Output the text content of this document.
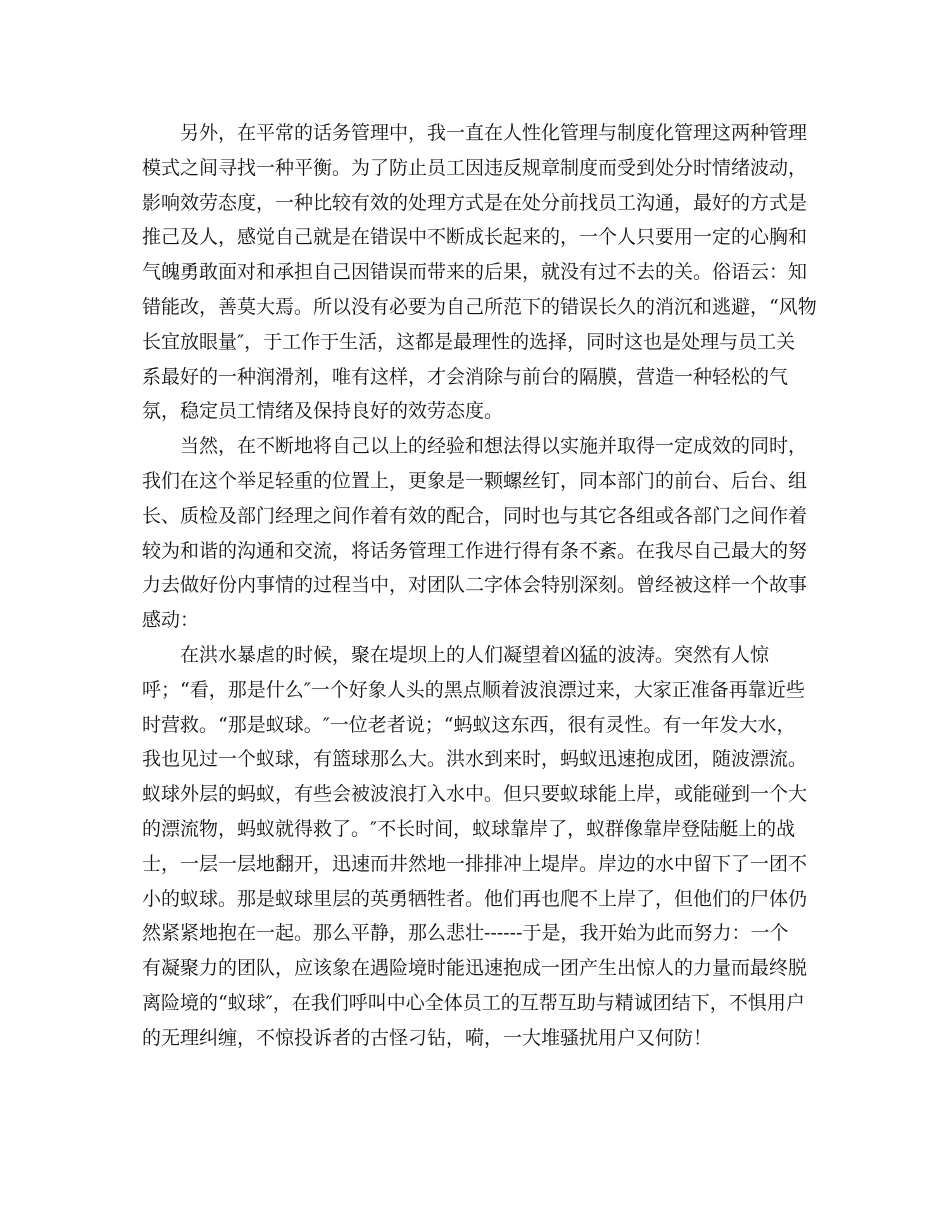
另外，在平常的话务管理中，我一直在人性化管理与制度化管理这两种管理
模式之间寻找一种平衡。为了防止员工因违反规章制度而受到处分时情绪波动，
影响效劳态度，一种比较有效的处理方式是在处分前找员工沟通，最好的方式是
推己及人，感觉自己就是在错误中不断成长起来的，一个人只要用一定的心胸和
气魄勇敢面对和承担自己因错误而带来的后果，就没有过不去的关。俗语云：知
错能改，善莫大焉。所以没有必要为自己所范下的错误长久的消沉和逃避，“风物
长宜放眼量″，于工作于生活，这都是最理性的选择，同时这也是处理与员工关
系最好的一种润滑剂，唯有这样，才会消除与前台的隔膜，营造一种轻松的气
氛，稳定员工情绪及保持良好的效劳态度。
当然，在不断地将自己以上的经验和想法得以实施并取得一定成效的同时，
我们在这个举足轻重的位置上，更象是一颗螺丝钉，同本部门的前台、后台、组
长、质检及部门经理之间作着有效的配合，同时也与其它各组或各部门之间作着
较为和谐的沟通和交流，将话务管理工作进行得有条不紊。在我尽自己最大的努
力去做好份内事情的过程当中，对团队二字体会特别深刻。曾经被这样一个故事
感动：
在洪水暴虐的时候，聚在堤坝上的人们凝望着凶猛的波涛。突然有人惊
呼；“看，那是什么″一个好象人头的黑点顺着波浪漂过来，大家正准备再靠近些
时营救。“那是蚁球。″一位老者说；“蚂蚁这东西，很有灵性。有一年发大水，
我也见过一个蚁球，有篮球那么大。洪水到来时，蚂蚁迅速抱成团，随波漂流。
蚁球外层的蚂蚁，有些会被波浪打入水中。但只要蚁球能上岸，或能碰到一个大
的漂流物，蚂蚁就得救了。″不长时间，蚁球靠岸了，蚁群像靠岸登陆艇上的战
士，一层一层地翻开，迅速而井然地一排排冲上堤岸。岸边的水中留下了一团不
小的蚁球。那是蚁球里层的英勇牺牲者。他们再也爬不上岸了，但他们的尸体仍
然紧紧地抱在一起。那么平静，那么悲壮------于是，我开始为此而努力：一个
有凝聚力的团队，应该象在遇险境时能迅速抱成一团产生出惊人的力量而最终脱
离险境的“蚁球″，在我们呼叫中心全体员工的互帮互助与精诚团结下，不惧用户
的无理纠缠，不惊投诉者的古怪刁钻，嗬，一大堆骚扰用户又何防！
